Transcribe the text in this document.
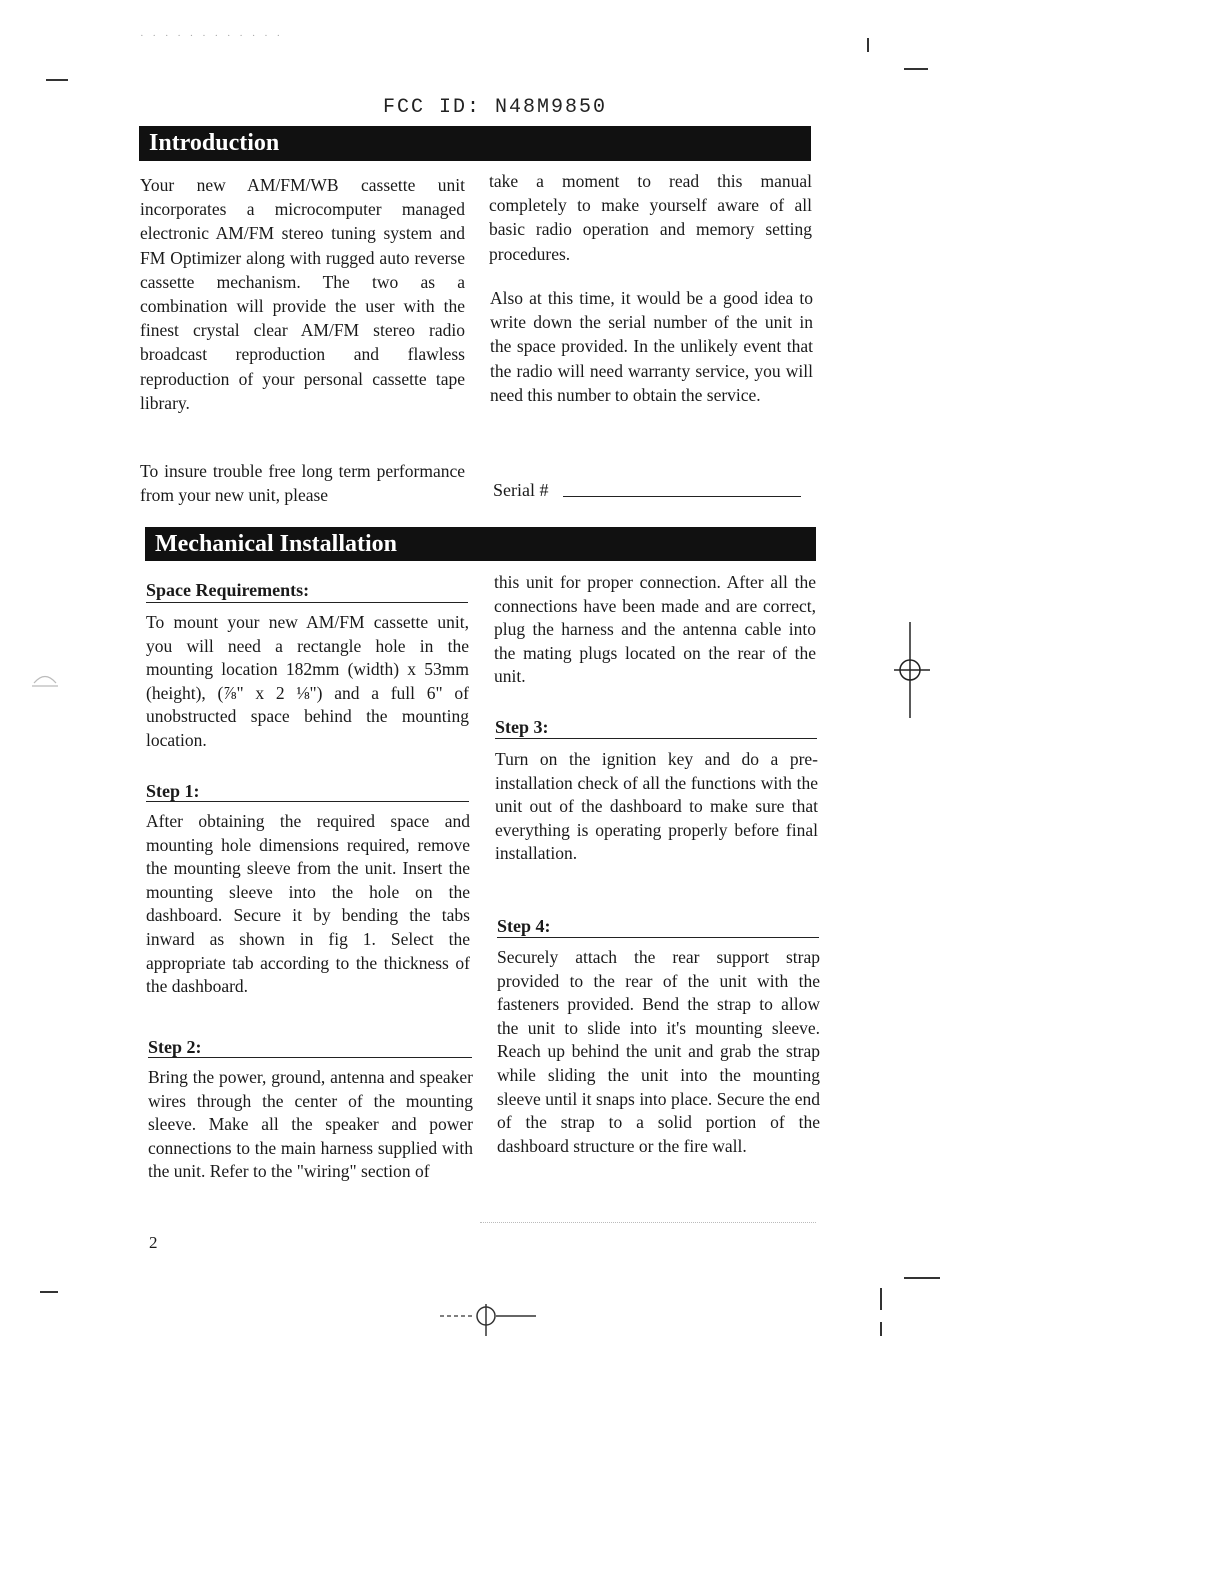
· · · · · · · · · · · ·
FCC ID: N48M9850
Introduction

Your new AM/FM/WB cassette unit incorporates a microcomputer managed electronic AM/FM stereo tuning system and FM Optimizer along with rugged auto reverse cassette mechanism. The two as a combination will provide the user with the finest crystal clear AM/FM stereo radio broadcast reproduction and flawless reproduction of your personal cassette tape library.

To insure trouble free long term performance from your new unit, please

take a moment to read this manual completely to make yourself aware of all basic radio operation and memory setting procedures.

Also at this time, it would be a good idea to write down the serial number of the unit in the space provided. In the unlikely event that the radio will need warranty service, you will need this number to obtain the service.

Serial #
Mechanical Installation
Space Requirements:

To mount your new AM/FM cassette unit, you will need a rectangle hole in the mounting location 182mm (width) x 53mm (height), (⅞" x 2 ⅛") and a full 6" of unobstructed space behind the mounting location.

Step 1:

After obtaining the required space and mounting hole dimensions required, remove the mounting sleeve from the unit. Insert the mounting sleeve into the hole on the dashboard. Secure it by bending the tabs inward as shown in fig 1. Select the appropriate tab according to the thickness of the dashboard.

Step 2:

Bring the power, ground, antenna and speaker wires through the center of the mounting sleeve. Make all the speaker and power connections to the main harness supplied with the unit. Refer to the "wiring" section of

this unit for proper connection. After all the connections have been made and are correct, plug the harness and the antenna cable into the mating plugs located on the rear of the unit.

Step 3:

Turn on the ignition key and do a pre-installation check of all the functions with the unit out of the dashboard to make sure that everything is operating properly before final installation.

Step 4:

Securely attach the rear support strap provided to the rear of the unit with the fasteners provided. Bend the strap to allow the unit to slide into it's mounting sleeve. Reach up behind the unit and grab the strap while sliding the unit into the mounting sleeve until it snaps into place. Secure the end of the strap to a solid portion of the dashboard structure or the fire wall.

2
